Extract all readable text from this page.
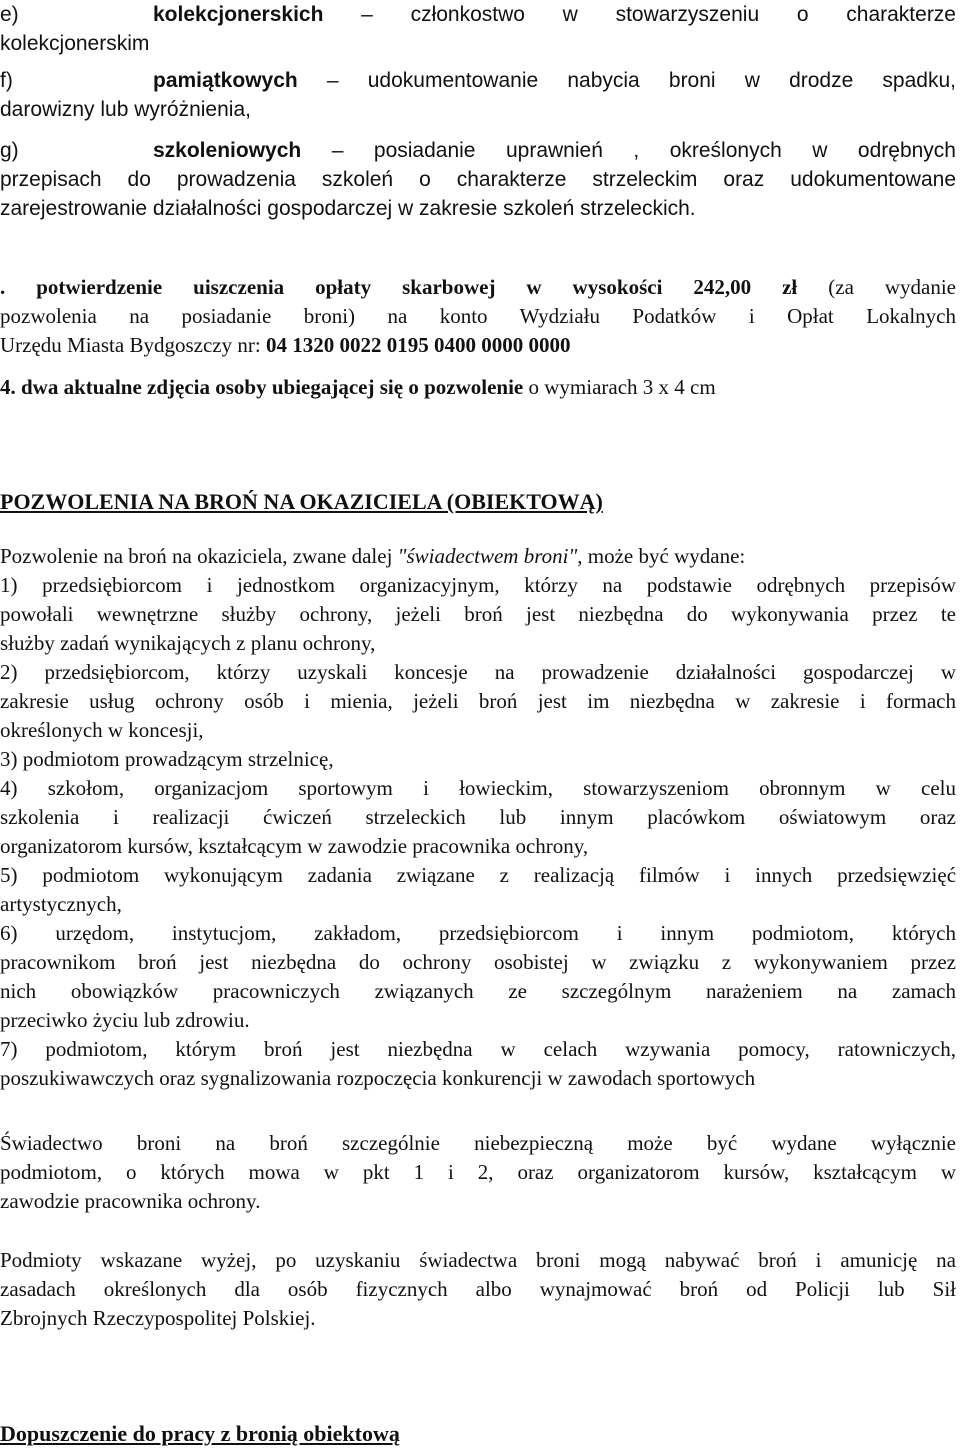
e)	kolekcjonerskich – członkostwo w stowarzyszeniu o charakterze
kolekcjonerskim
f)	pamiątkowych – udokumentowanie nabycia broni w drodze spadku,
darowizny lub wyróżnienia,
g)	szkoleniowych – posiadanie uprawnień , określonych w odrębnych
przepisach do prowadzenia szkoleń o charakterze strzeleckim oraz udokumentowane
zarejestrowanie działalności gospodarczej w zakresie szkoleń strzeleckich.
. potwierdzenie uiszczenia opłaty skarbowej w wysokości 242,00 zł (za wydanie
pozwolenia na posiadanie broni) na konto Wydziału Podatków i Opłat Lokalnych
Urzędu Miasta Bydgoszczy nr: 04 1320 0022 0195 0400 0000 0000
4. dwa aktualne zdjęcia osoby ubiegającej się o pozwolenie o wymiarach 3 x 4 cm
POZWOLENIA NA BROŃ NA OKAZICIELA (OBIEKTOWĄ)
Pozwolenie na broń na okaziciela, zwane dalej "świadectwem broni", może być wydane:
1) przedsiębiorcom i jednostkom organizacyjnym, którzy na podstawie odrębnych przepisów
powołali wewnętrzne służby ochrony, jeżeli broń jest niezbędna do wykonywania przez te
służby zadań wynikających z planu ochrony,
2) przedsiębiorcom, którzy uzyskali koncesje na prowadzenie działalności gospodarczej w
zakresie usług ochrony osób i mienia, jeżeli broń jest im niezbędna w zakresie i formach
określonych w koncesji,
3) podmiotom prowadzącym strzelnicę,
4) szkołom, organizacjom sportowym i łowieckim, stowarzyszeniom obronnym w celu
szkolenia i realizacji ćwiczeń strzeleckich lub innym placówkom oświatowym oraz
organizatorom kursów, kształcącym w zawodzie pracownika ochrony,
5) podmiotom wykonującym zadania związane z realizacją filmów i innych przedsięwzięć
artystycznych,
6) urzędom, instytucjom, zakładom, przedsiębiorcom i innym podmiotom, których
pracownikom broń jest niezbędna do ochrony osobistej w związku z wykonywaniem przez
nich obowiązków pracowniczych związanych ze szczególnym narażeniem na zamach
przeciwko życiu lub zdrowiu.
7) podmiotom, którym broń jest niezbędna w celach wzywania pomocy, ratowniczych,
poszukiwawczych oraz sygnalizowania rozpoczęcia konkurencji w zawodach sportowych
Świadectwo broni na broń szczególnie niebezpieczną może być wydane wyłącznie
podmiotom, o których mowa w pkt 1 i 2, oraz organizatorom kursów, kształcącym w
zawodzie pracownika ochrony.
Podmioty wskazane wyżej, po uzyskaniu świadectwa broni mogą nabywać broń i amunicję na
zasadach określonych dla osób fizycznych albo wynajmować broń od Policji lub Sił
Zbrojnych Rzeczypospolitej Polskiej.
Dopuszczenie do pracy z bronią obiektową
